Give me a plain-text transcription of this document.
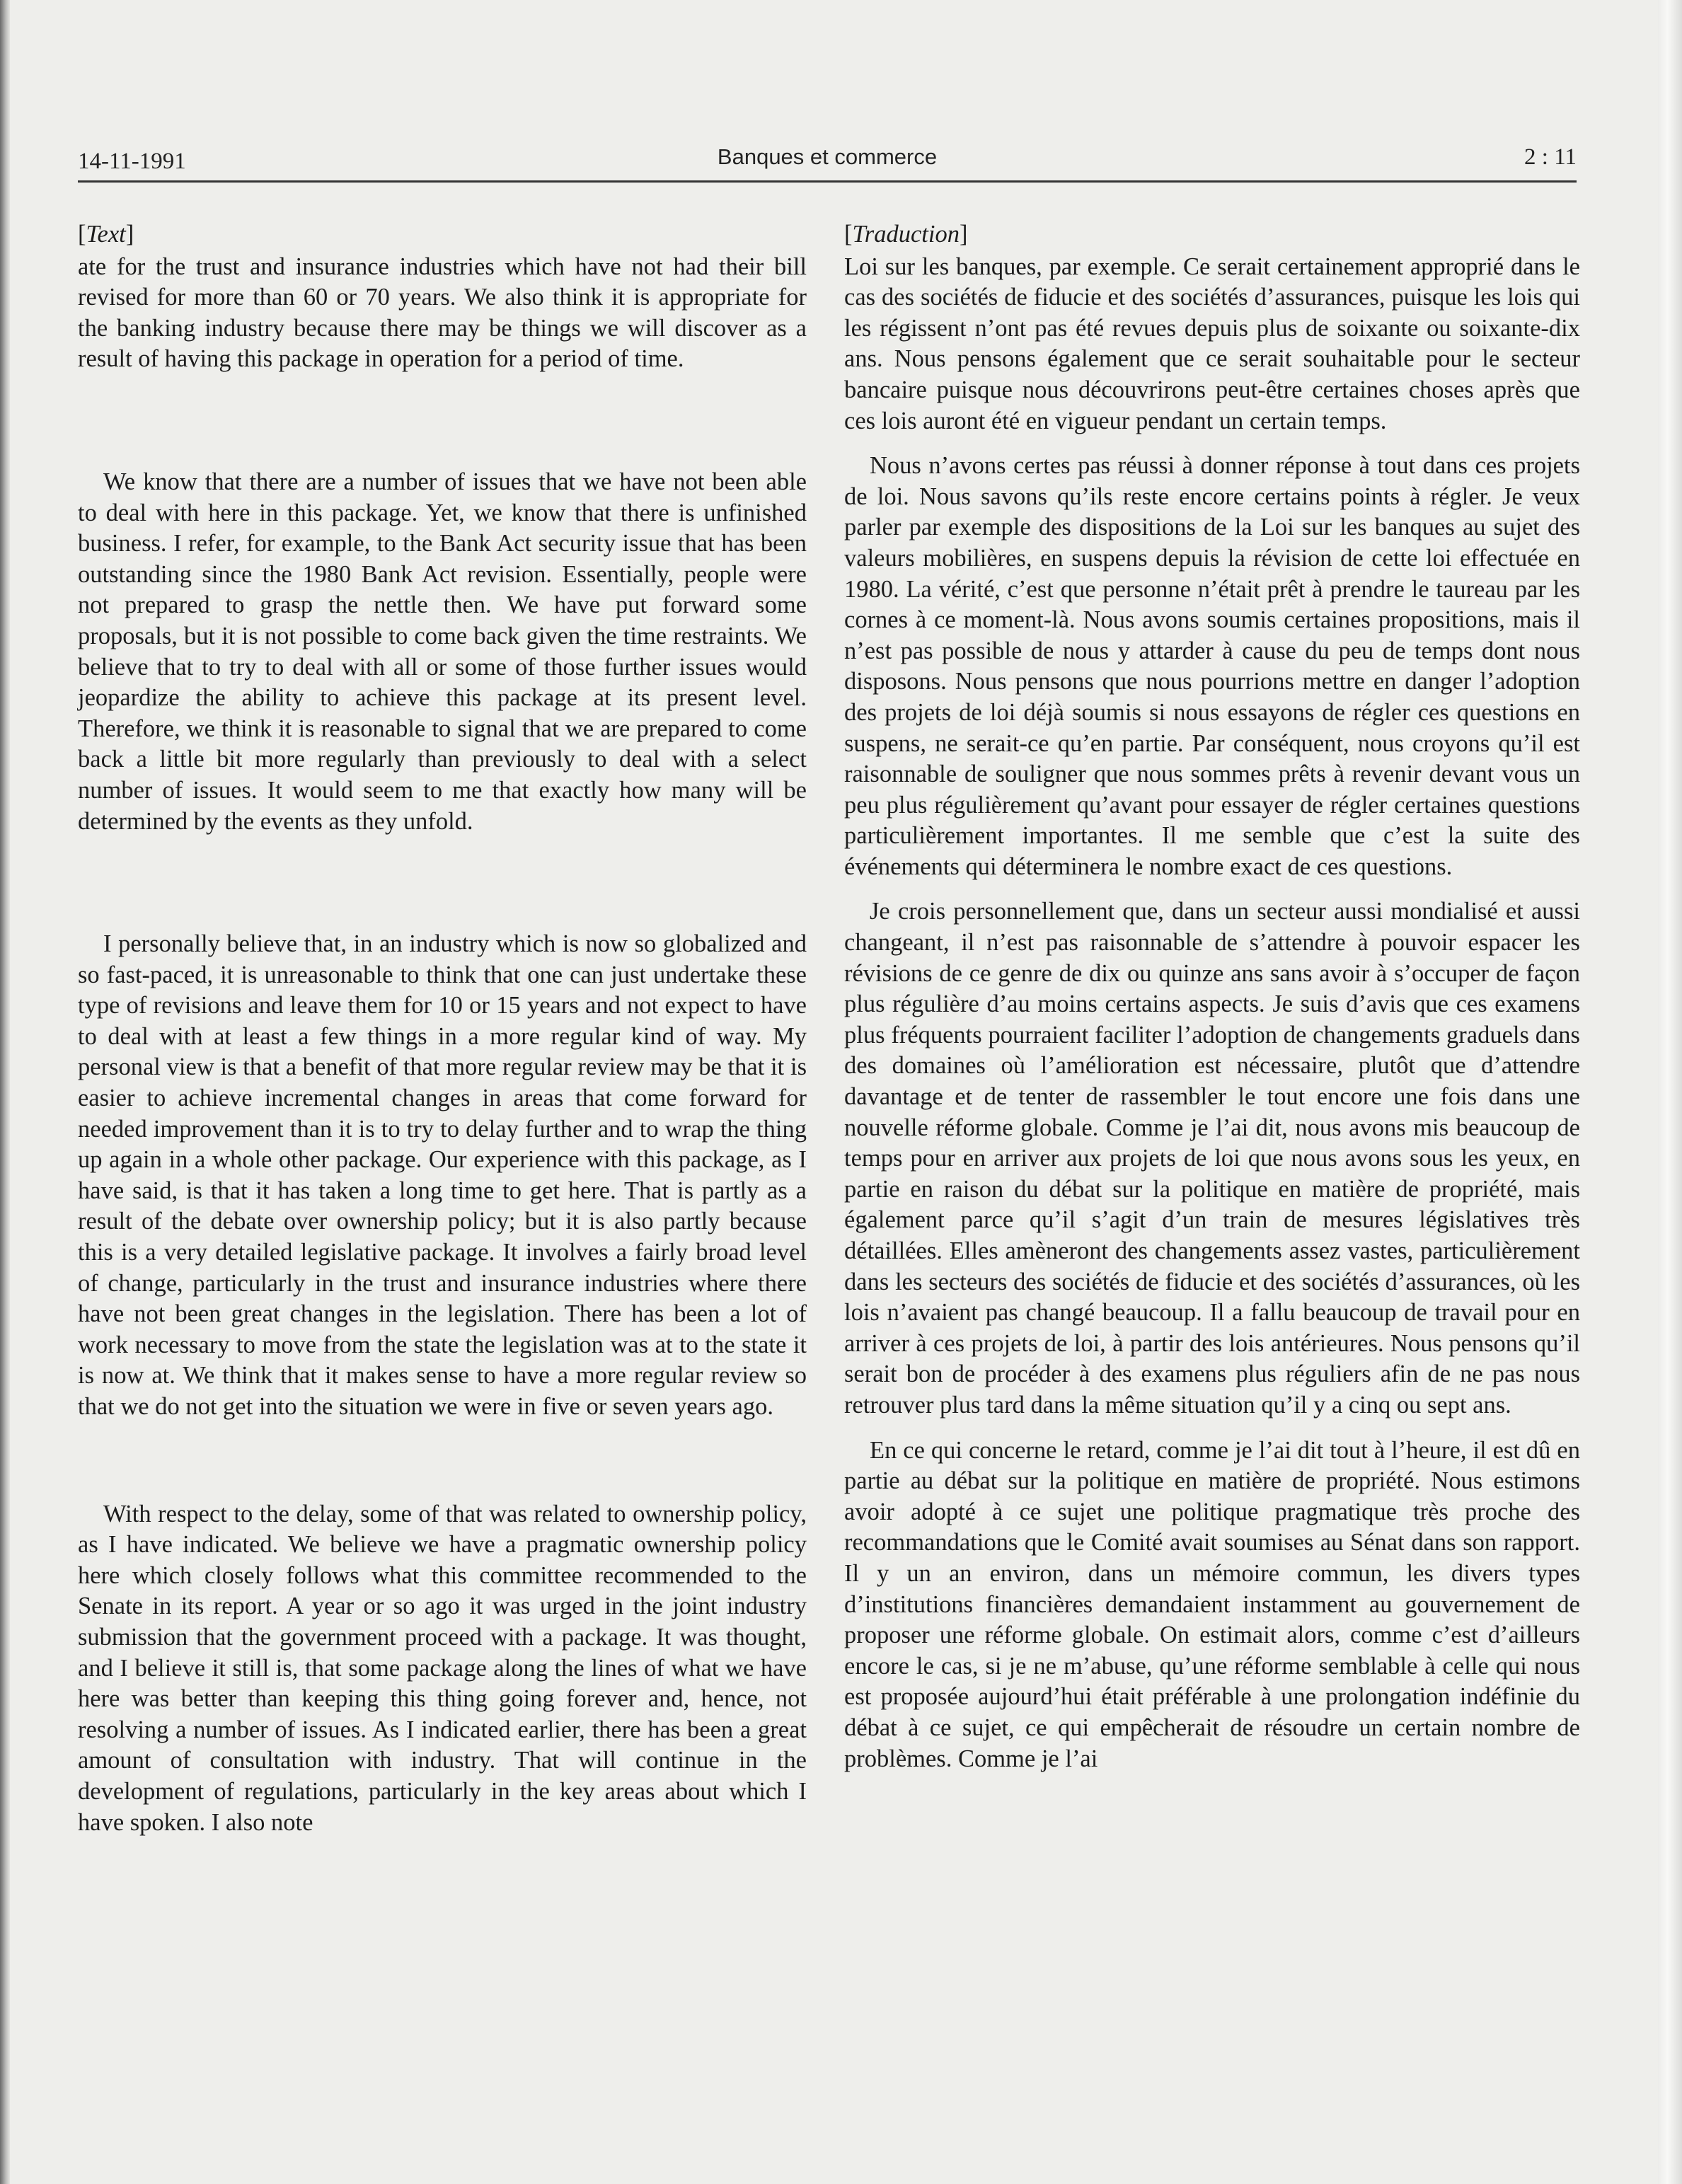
14-11-1991	Banques et commerce	2 : 11
[Text]

ate for the trust and insurance industries which have not had their bill revised for more than 60 or 70 years. We also think it is appropriate for the banking industry because there may be things we will discover as a result of having this package in operation for a period of time.

We know that there are a number of issues that we have not been able to deal with here in this package. Yet, we know that there is unfinished business. I refer, for example, to the Bank Act security issue that has been outstanding since the 1980 Bank Act revision. Essentially, people were not prepared to grasp the nettle then. We have put forward some proposals, but it is not possible to come back given the time restraints. We believe that to try to deal with all or some of those further issues would jeopardize the ability to achieve this package at its present level. Therefore, we think it is reasonable to signal that we are prepared to come back a little bit more regularly than previously to deal with a select number of issues. It would seem to me that exactly how many will be determined by the events as they unfold.

I personally believe that, in an industry which is now so globalized and so fast-paced, it is unreasonable to think that one can just undertake these type of revisions and leave them for 10 or 15 years and not expect to have to deal with at least a few things in a more regular kind of way. My personal view is that a benefit of that more regular review may be that it is easier to achieve incremental changes in areas that come forward for needed improvement than it is to try to delay further and to wrap the thing up again in a whole other package. Our experience with this package, as I have said, is that it has taken a long time to get here. That is partly as a result of the debate over ownership policy; but it is also partly because this is a very detailed legislative package. It involves a fairly broad level of change, particularly in the trust and insurance industries where there have not been great changes in the legislation. There has been a lot of work necessary to move from the state the legislation was at to the state it is now at. We think that it makes sense to have a more regular review so that we do not get into the situation we were in five or seven years ago.

With respect to the delay, some of that was related to ownership policy, as I have indicated. We believe we have a pragmatic ownership policy here which closely follows what this committee recommended to the Senate in its report. A year or so ago it was urged in the joint industry submission that the government proceed with a package. It was thought, and I believe it still is, that some package along the lines of what we have here was better than keeping this thing going forever and, hence, not resolving a number of issues. As I indicated earlier, there has been a great amount of consultation with industry. That will continue in the development of regulations, particularly in the key areas about which I have spoken. I also note

[Traduction]

Loi sur les banques, par exemple. Ce serait certainement approprié dans le cas des sociétés de fiducie et des sociétés d’assurances, puisque les lois qui les régissent n’ont pas été revues depuis plus de soixante ou soixante-dix ans. Nous pensons également que ce serait souhaitable pour le secteur bancaire puisque nous découvrirons peut-être certaines choses après que ces lois auront été en vigueur pendant un certain temps.

Nous n’avons certes pas réussi à donner réponse à tout dans ces projets de loi. Nous savons qu’ils reste encore certains points à régler. Je veux parler par exemple des dispositions de la Loi sur les banques au sujet des valeurs mobilières, en suspens depuis la révision de cette loi effectuée en 1980. La vérité, c’est que personne n’était prêt à prendre le taureau par les cornes à ce moment-là. Nous avons soumis certaines propositions, mais il n’est pas possible de nous y attarder à cause du peu de temps dont nous disposons. Nous pensons que nous pourrions mettre en danger l’adoption des projets de loi déjà soumis si nous essayons de régler ces questions en suspens, ne serait-ce qu’en partie. Par conséquent, nous croyons qu’il est raisonnable de souligner que nous sommes prêts à revenir devant vous un peu plus régulièrement qu’avant pour essayer de régler certaines questions particulièrement importantes. Il me semble que c’est la suite des événements qui déterminera le nombre exact de ces questions.

Je crois personnellement que, dans un secteur aussi mondialisé et aussi changeant, il n’est pas raisonnable de s’attendre à pouvoir espacer les révisions de ce genre de dix ou quinze ans sans avoir à s’occuper de façon plus régulière d’au moins certains aspects. Je suis d’avis que ces examens plus fréquents pourraient faciliter l’adoption de changements graduels dans des domaines où l’amélioration est nécessaire, plutôt que d’attendre davantage et de tenter de rassembler le tout encore une fois dans une nouvelle réforme globale. Comme je l’ai dit, nous avons mis beaucoup de temps pour en arriver aux projets de loi que nous avons sous les yeux, en partie en raison du débat sur la politique en matière de propriété, mais également parce qu’il s’agit d’un train de mesures législatives très détaillées. Elles amèneront des changements assez vastes, particulièrement dans les secteurs des sociétés de fiducie et des sociétés d’assurances, où les lois n’avaient pas changé beaucoup. Il a fallu beaucoup de travail pour en arriver à ces projets de loi, à partir des lois antérieures. Nous pensons qu’il serait bon de procéder à des examens plus réguliers afin de ne pas nous retrouver plus tard dans la même situation qu’il y a cinq ou sept ans.

En ce qui concerne le retard, comme je l’ai dit tout à l’heure, il est dû en partie au débat sur la politique en matière de propriété. Nous estimons avoir adopté à ce sujet une politique pragmatique très proche des recommandations que le Comité avait soumises au Sénat dans son rapport. Il y un an environ, dans un mémoire commun, les divers types d’institutions financières demandaient instamment au gouvernement de proposer une réforme globale. On estimait alors, comme c’est d’ailleurs encore le cas, si je ne m’abuse, qu’une réforme semblable à celle qui nous est proposée aujourd’hui était préférable à une prolongation indéfinie du débat à ce sujet, ce qui empêcherait de résoudre un certain nombre de problèmes. Comme je l’ai
